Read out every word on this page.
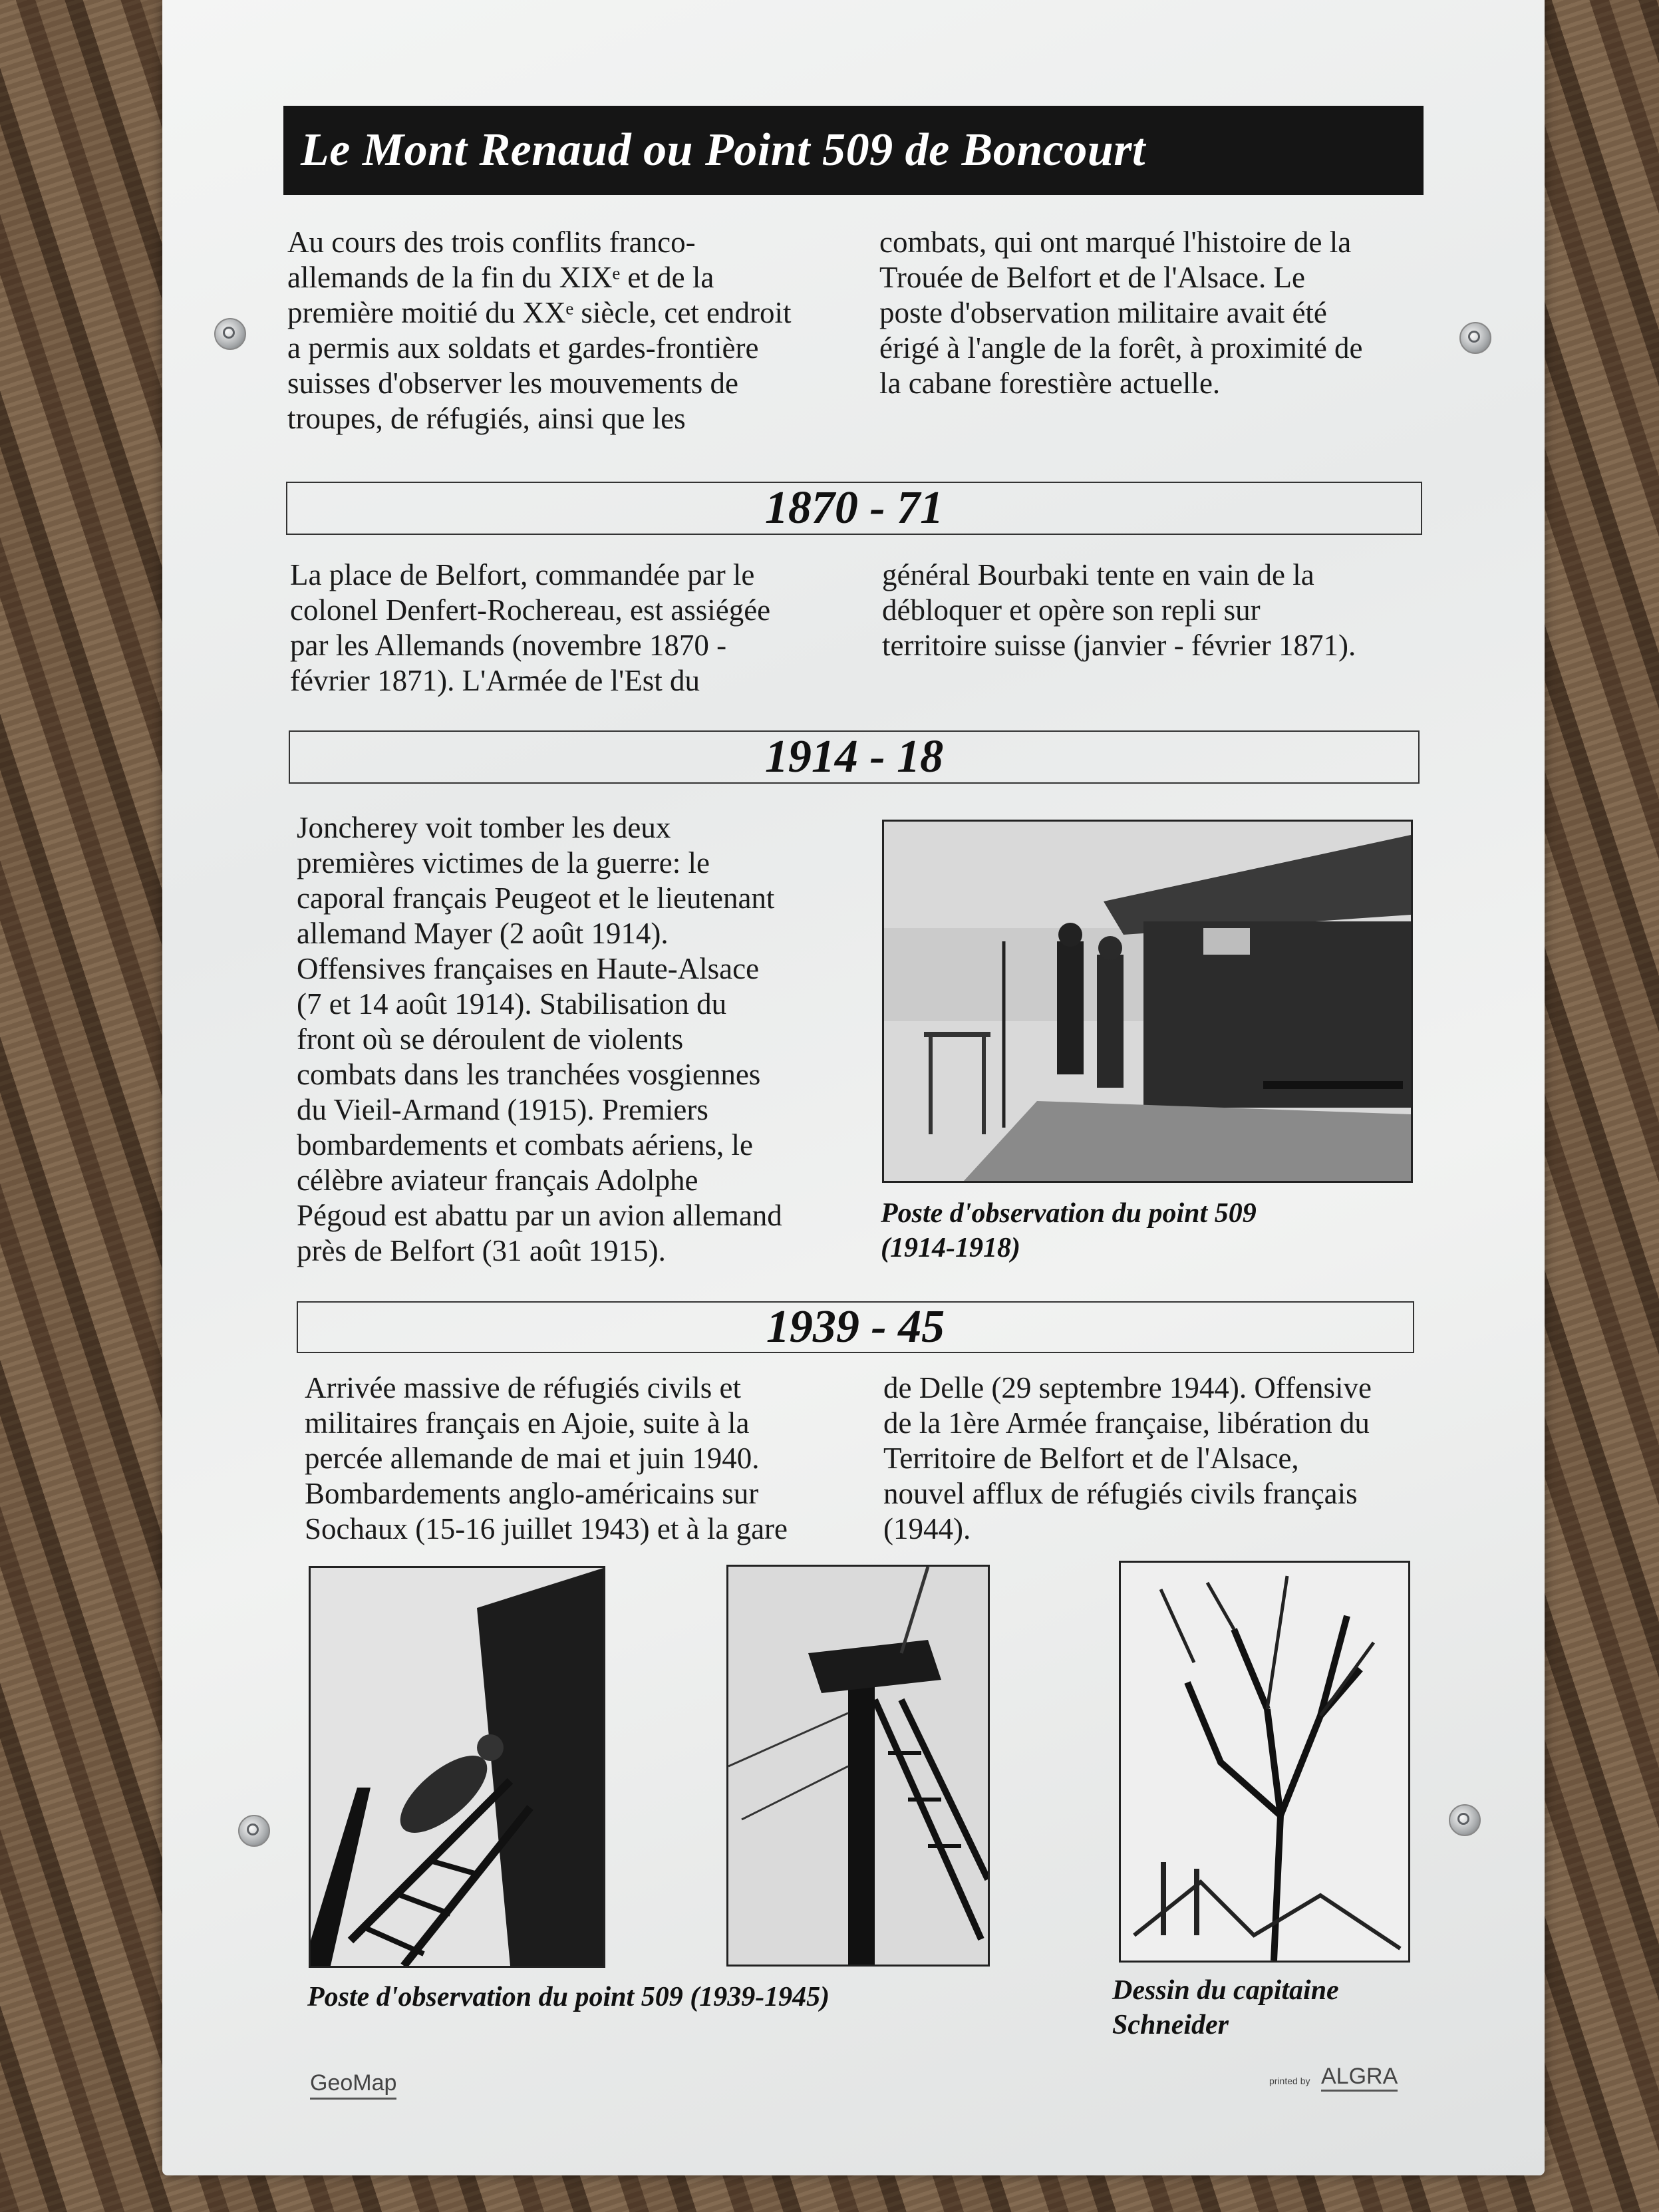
Le Mont Renaud ou Point 509 de Boncourt

Au cours des trois conflits franco-

allemands de la fin du XIXᵉ et de la

première moitié du XXᵉ siècle, cet endroit

a permis aux soldats et gardes-frontière

suisses d'observer les mouvements de

troupes, de réfugiés, ainsi que les

combats, qui ont marqué l'histoire de la

Trouée de Belfort et de l'Alsace. Le

poste d'observation militaire avait été

érigé à l'angle de la forêt, à proximité de

la cabane forestière actuelle.

1870 - 71

La place de Belfort, commandée par le

colonel Denfert-Rochereau, est assiégée

par les Allemands (novembre 1870 -

février 1871). L'Armée de l'Est du

général Bourbaki tente en vain de la

débloquer et opère son repli sur

territoire suisse (janvier - février 1871).

1914 - 18

Joncherey voit tomber les deux

premières victimes de la guerre: le

caporal français Peugeot et le lieutenant

allemand Mayer (2 août 1914).

Offensives françaises en Haute-Alsace

(7 et 14 août 1914). Stabilisation du

front où se déroulent de violents

combats dans les tranchées vosgiennes

du Vieil-Armand (1915). Premiers

bombardements et combats aériens, le

célèbre aviateur français Adolphe

Pégoud est abattu par un avion allemand

près de Belfort (31 août 1915).

Poste d'observation du point 509
(1914-1918)
1939 - 45

Arrivée massive de réfugiés civils et

militaires français en Ajoie, suite à la

percée allemande de mai et juin 1940.

Bombardements anglo-américains sur

Sochaux (15-16 juillet 1943) et à la gare

de Delle (29 septembre 1944). Offensive

de la 1ère Armée française, libération du

Territoire de Belfort et de l'Alsace,

nouvel afflux de réfugiés civils français

(1944).

Poste d'observation du point 509 (1939-1945)	Dessin du capitaine
Schneider
GeoMap	printed by ALGRA
